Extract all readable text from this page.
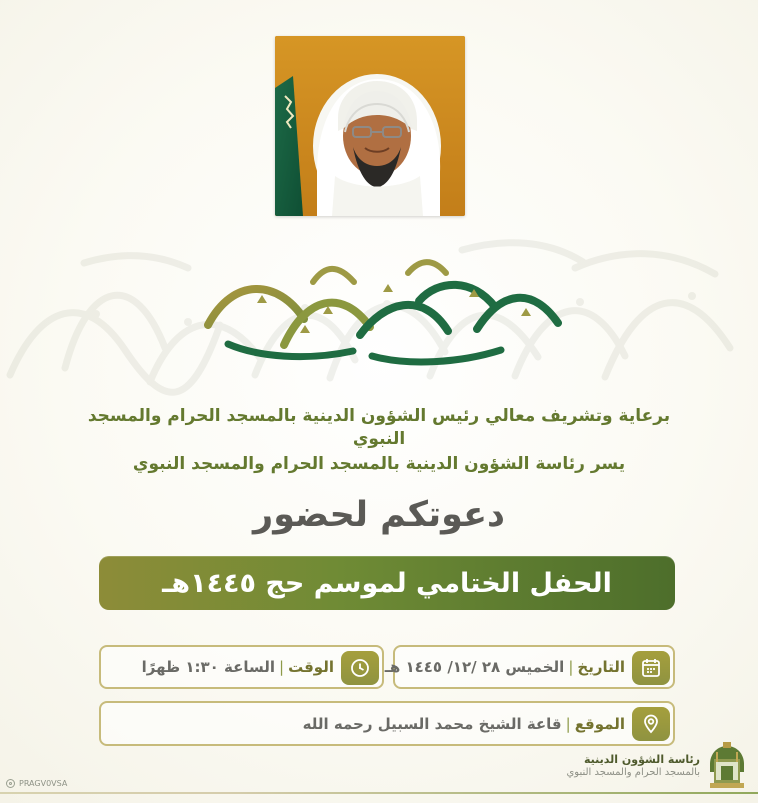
برعاية وتشريف معالي رئيس الشؤون الدينية بالمسجد الحرام والمسجد النبوي
يسر رئاسة الشؤون الدينية بالمسجد الحرام والمسجد النبوي
دعوتكم لحضور
الحفل الختامي لموسم حج ١٤٤٥هـ
التاريخ
|
الخميس ٢٨ /١٢/ ١٤٤٥ هـ
الوقت
|
الساعة ١:٣٠ ظهرًا
الموقع
|
قاعة الشيخ محمد السبيل رحمه الله
PRAGV0VSA
رئاسة الشؤون الدينية
بالمسجد الحرام والمسجد النبوي
